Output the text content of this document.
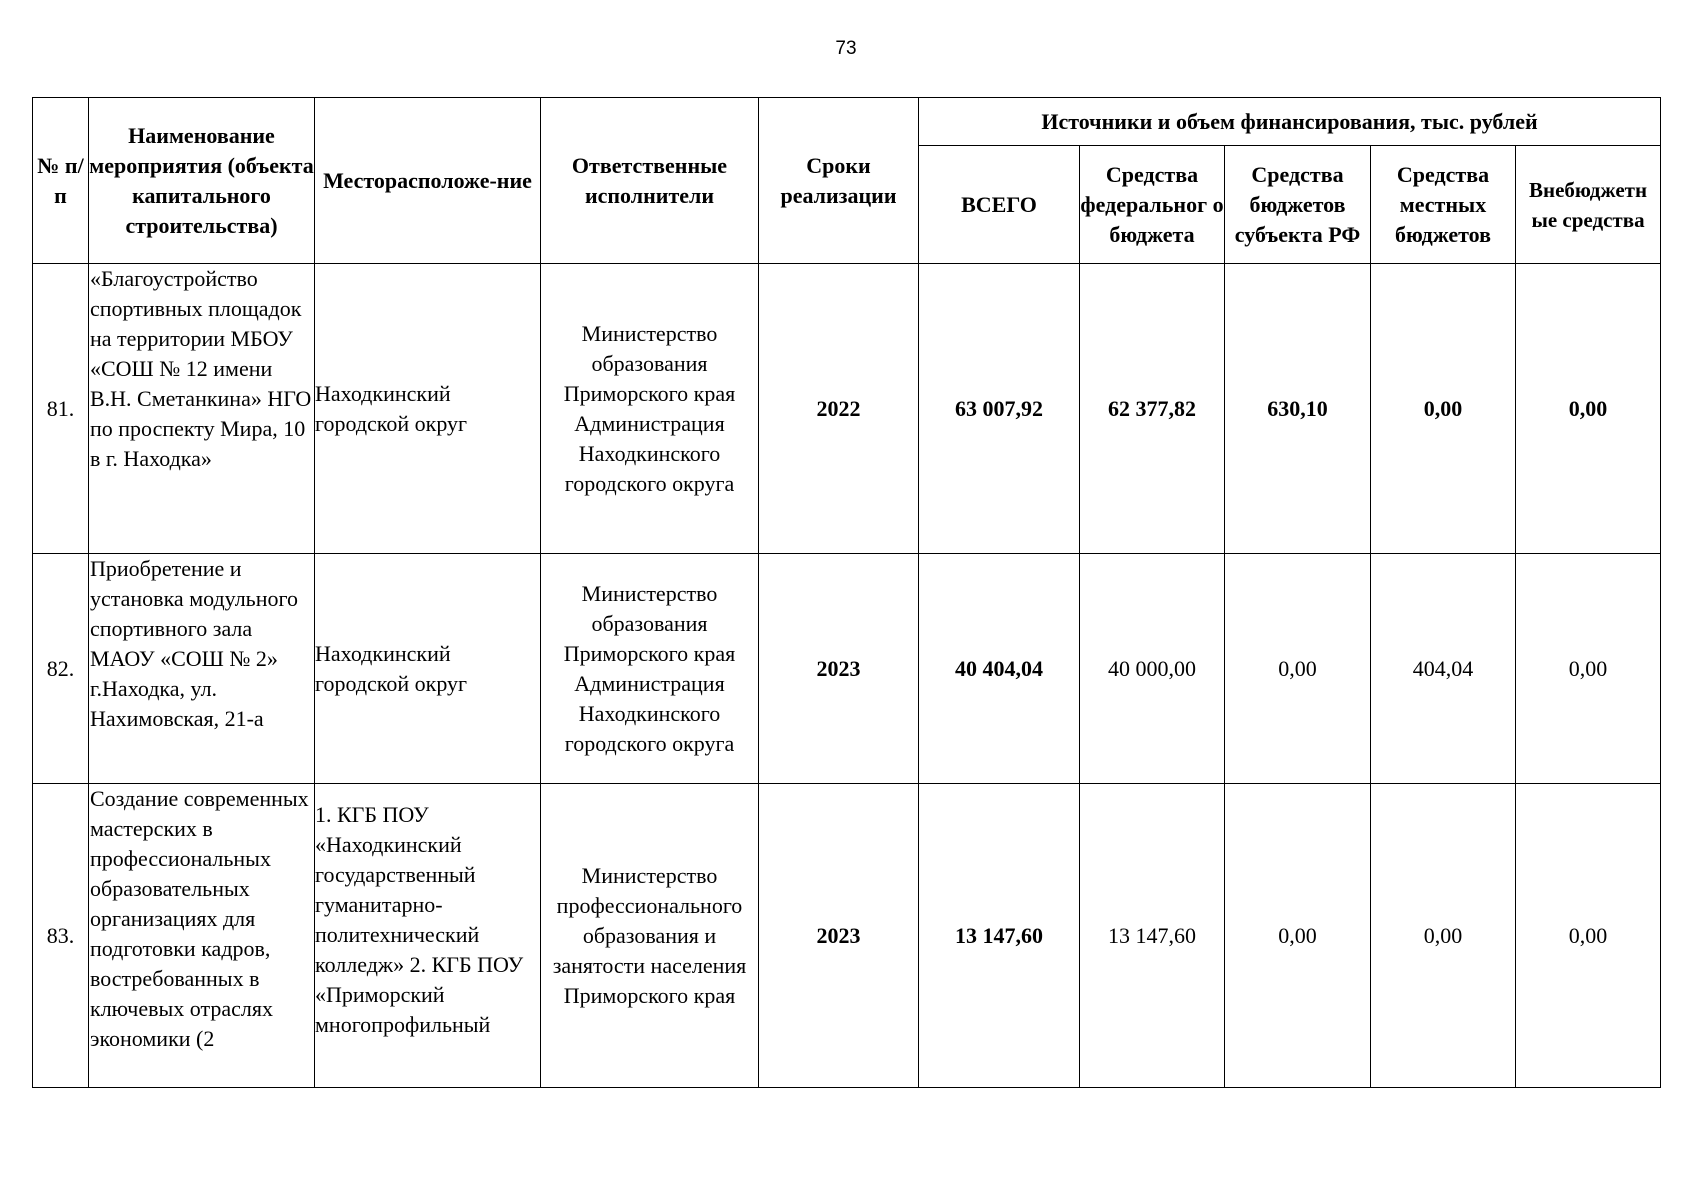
73
№ п/п	Наименование мероприятия (объекта капитального строительства)	Месторасположе-ние	Ответственные исполнители	Сроки реализации	Источники и объем финансирования, тыс. рублей				
					ВСЕГО	Средства федеральног о бюджета	Средства бюджетов субъекта РФ	Средства местных бюджетов	Внебюджетн ые средства
81.	«Благоустройство спортивных площадок на территории МБОУ «СОШ № 12 имени В.Н. Сметанкина» НГО по проспекту Мира, 10 в г. Находка»	Находкинский городской округ	Министерство образования Приморского края Администрация Находкинского городского округа	2022	63 007,92	62 377,82	630,10	0,00	0,00
82.	Приобретение и установка модульного спортивного зала МАОУ «СОШ № 2» г.Находка, ул. Нахимовская, 21-а	Находкинский городской округ	Министерство образования Приморского края Администрация Находкинского городского округа	2023	40 404,04	40 000,00	0,00	404,04	0,00
83.	Создание современных мастерских в профессиональных образовательных организациях для подготовки кадров, востребованных в ключевых отраслях экономики (2	1. КГБ ПОУ «Находкинский государственный гуманитарно-политехнический колледж» 2. КГБ ПОУ «Приморский многопрофильный	Министерство профессионального образования и занятости населения Приморского края	2023	13 147,60	13 147,60	0,00	0,00	0,00
